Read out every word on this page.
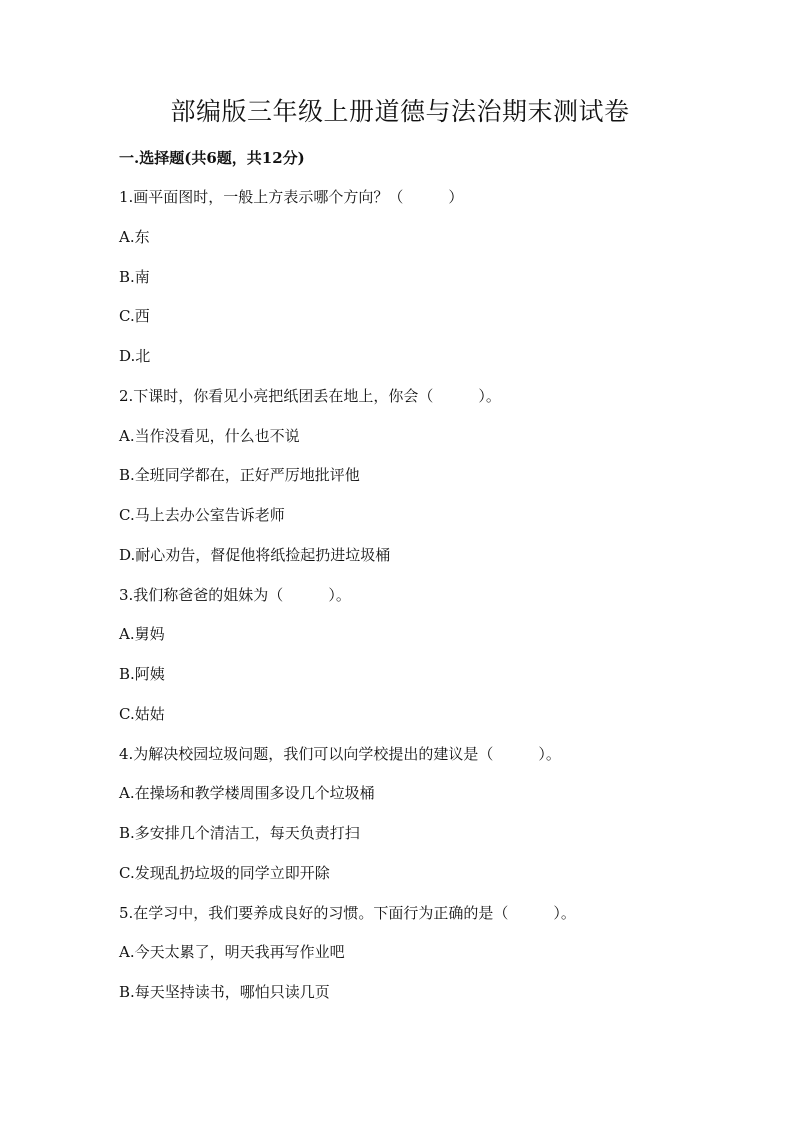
部编版三年级上册道德与法治期末测试卷
一.选择题(共6题，共12分)
1.画平面图时，一般上方表示哪个方向？（　　　）
A.东
B.南
C.西
D.北
2.下课时，你看见小亮把纸团丢在地上，你会（　　　）。
A.当作没看见，什么也不说
B.全班同学都在，正好严厉地批评他
C.马上去办公室告诉老师
D.耐心劝告，督促他将纸捡起扔进垃圾桶
3.我们称爸爸的姐妹为（　　　）。
A.舅妈
B.阿姨
C.姑姑
4.为解决校园垃圾问题，我们可以向学校提出的建议是（　　　）。
A.在操场和教学楼周围多设几个垃圾桶
B.多安排几个清洁工，每天负责打扫
C.发现乱扔垃圾的同学立即开除
5.在学习中，我们要养成良好的习惯。下面行为正确的是（　　　）。
A.今天太累了，明天我再写作业吧
B.每天坚持读书，哪怕只读几页
